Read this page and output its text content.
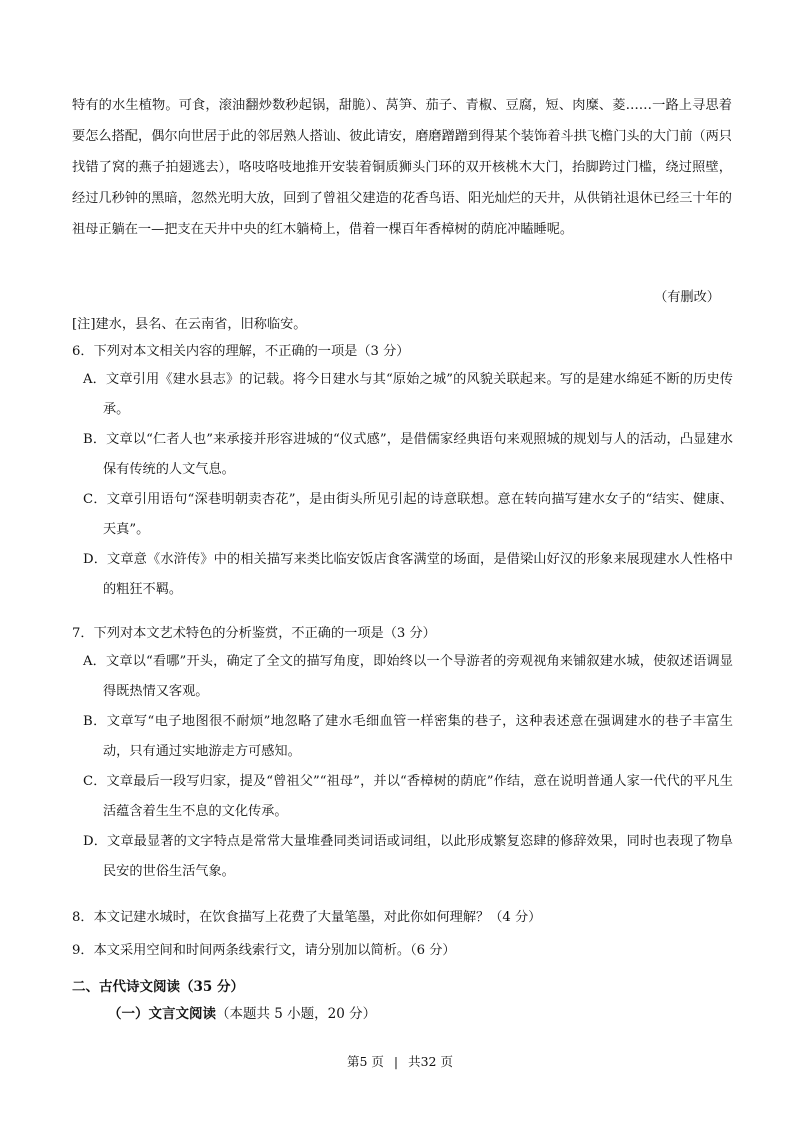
特有的水生植物。可食，滚油翻炒数秒起锅，甜脆）、莴笋、茄子、青椒、豆腐，短、肉糜、菱……一路上寻思着要怎么搭配，偶尔向世居于此的邻居熟人搭讪、彼此请安，磨磨蹭蹭到得某个装饰着斗拱飞檐门头的大门前（两只找错了窝的燕子拍翅逃去），咯吱咯吱地推开安装着铜质狮头门环的双开核桃木大门，抬脚跨过门槛，绕过照壁，经过几秒钟的黑暗，忽然光明大放，回到了曾祖父建造的花香鸟语、阳光灿烂的天井，从供销社退休已经三十年的祖母正躺在一—把支在天井中央的红木躺椅上，借着一棵百年香樟树的荫庇冲瞌睡呢。

（有删改）
[注]建水，县名、在云南省，旧称临安。
6．下列对本文相关内容的理解，不正确的一项是（3 分）
A．文章引用《建水县志》的记载。将今日建水与其“原始之城”的风貌关联起来。写的是建水绵延不断的历史传承。
B．文章以“仁者人也”来承接并形容进城的“仪式感”，是借儒家经典语句来观照城的规划与人的活动，凸显建水保有传统的人文气息。
C．文章引用语句“深巷明朝卖杏花”，是由街头所见引起的诗意联想。意在转向描写建水女子的“结实、健康、天真”。
D．文章意《水浒传》中的相关描写来类比临安饭店食客满堂的场面，是借梁山好汉的形象来展现建水人性格中的粗狂不羁。
7．下列对本文艺术特色的分析鉴赏，不正确的一项是（3 分）
A．文章以“看哪”开头，确定了全文的描写角度，即始终以一个导游者的旁观视角来铺叙建水城，使叙述语调显得既热情又客观。
B．文章写“电子地图很不耐烦”地忽略了建水毛细血管一样密集的巷子，这种表述意在强调建水的巷子丰富生动，只有通过实地游走方可感知。
C．文章最后一段写归家，提及“曾祖父”“祖母”，并以“香樟树的荫庇”作结，意在说明普通人家一代代的平凡生活蕴含着生生不息的文化传承。
D．文章最显著的文字特点是常常大量堆叠同类词语或词组，以此形成繁复恣肆的修辞效果，同时也表现了物阜民安的世俗生活气象。
8．本文记建水城时，在饮食描写上花费了大量笔墨，对此你如何理解？（4 分）
9．本文采用空间和时间两条线索行文，请分别加以简析。（6 分）
二、古代诗文阅读（35 分）
（一）文言文阅读（本题共 5 小题，20 分）
第5 页 | 共32 页
